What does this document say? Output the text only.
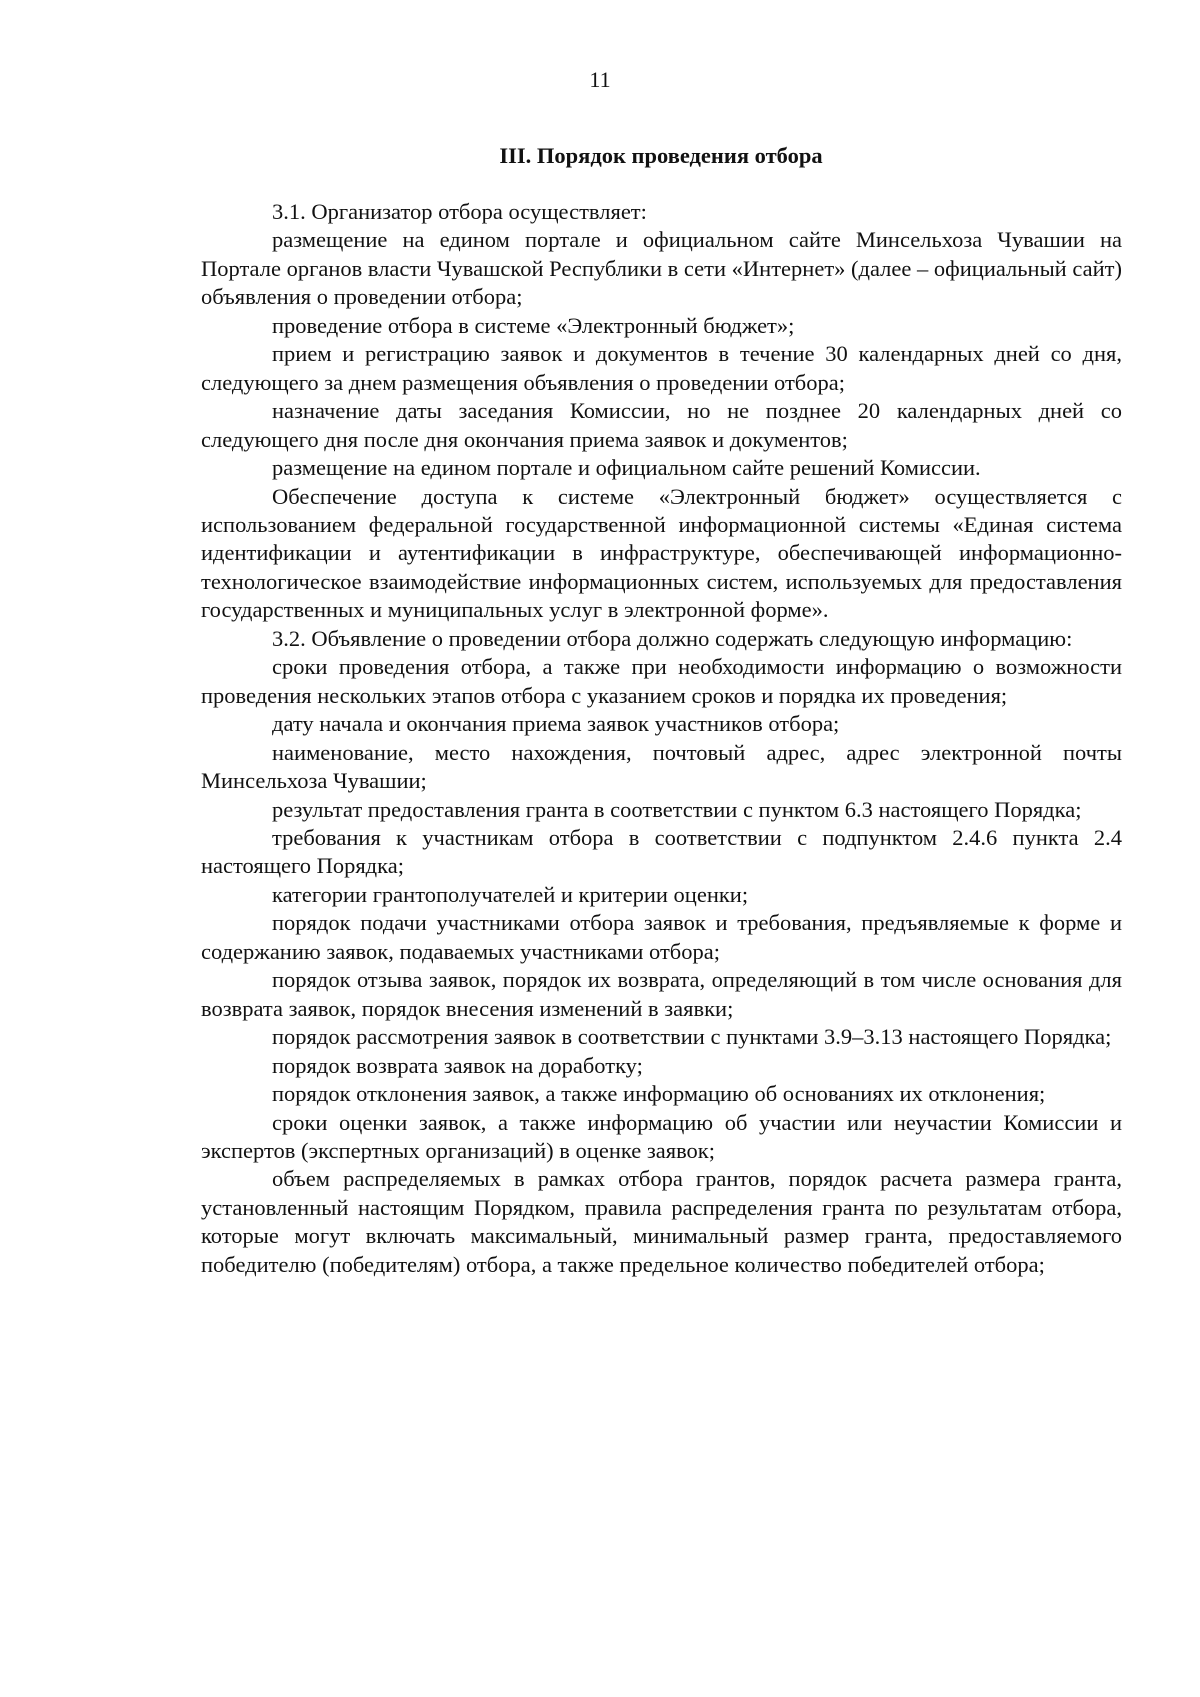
11
III. Порядок проведения отбора

3.1. Организатор отбора осуществляет:

размещение на едином портале и официальном сайте Минсельхоза Чувашии на Портале органов власти Чувашской Республики в сети «Интернет» (далее – официальный сайт) объявления о проведении отбора;

проведение отбора в системе «Электронный бюджет»;

прием и регистрацию заявок и документов в течение 30 календарных дней со дня, следующего за днем размещения объявления о проведении отбора;

назначение даты заседания Комиссии, но не позднее 20 календарных дней со следующего дня после дня окончания приема заявок и документов;

размещение на едином портале и официальном сайте решений Комиссии.

Обеспечение доступа к системе «Электронный бюджет» осуществляется с использованием федеральной государственной информационной системы «Единая система идентификации и аутентификации в инфраструктуре, обеспечивающей информационно-технологическое взаимодействие информационных систем, используемых для предоставления государственных и муниципальных услуг в электронной форме».

3.2. Объявление о проведении отбора должно содержать следующую информацию:

сроки проведения отбора, а также при необходимости информацию о возможности проведения нескольких этапов отбора с указанием сроков и порядка их проведения;

дату начала и окончания приема заявок участников отбора;

наименование, место нахождения, почтовый адрес, адрес электронной почты Минсельхоза Чувашии;

результат предоставления гранта в соответствии с пунктом 6.3 настоящего Порядка;

требования к участникам отбора в соответствии с подпунктом 2.4.6 пункта 2.4 настоящего Порядка;

категории грантополучателей и критерии оценки;

порядок подачи участниками отбора заявок и требования, предъявляемые к форме и содержанию заявок, подаваемых участниками отбора;

порядок отзыва заявок, порядок их возврата, определяющий в том числе основания для возврата заявок, порядок внесения изменений в заявки;

порядок рассмотрения заявок в соответствии с пунктами 3.9–3.13 настоящего Порядка;

порядок возврата заявок на доработку;

порядок отклонения заявок, а также информацию об основаниях их отклонения;

сроки оценки заявок, а также информацию об участии или неучастии Комиссии и экспертов (экспертных организаций) в оценке заявок;

объем распределяемых в рамках отбора грантов, порядок расчета размера гранта, установленный настоящим Порядком, правила распределения гранта по результатам отбора, которые могут включать максимальный, минимальный размер гранта, предоставляемого победителю (победителям) отбора, а также предельное количество победителей отбора;
